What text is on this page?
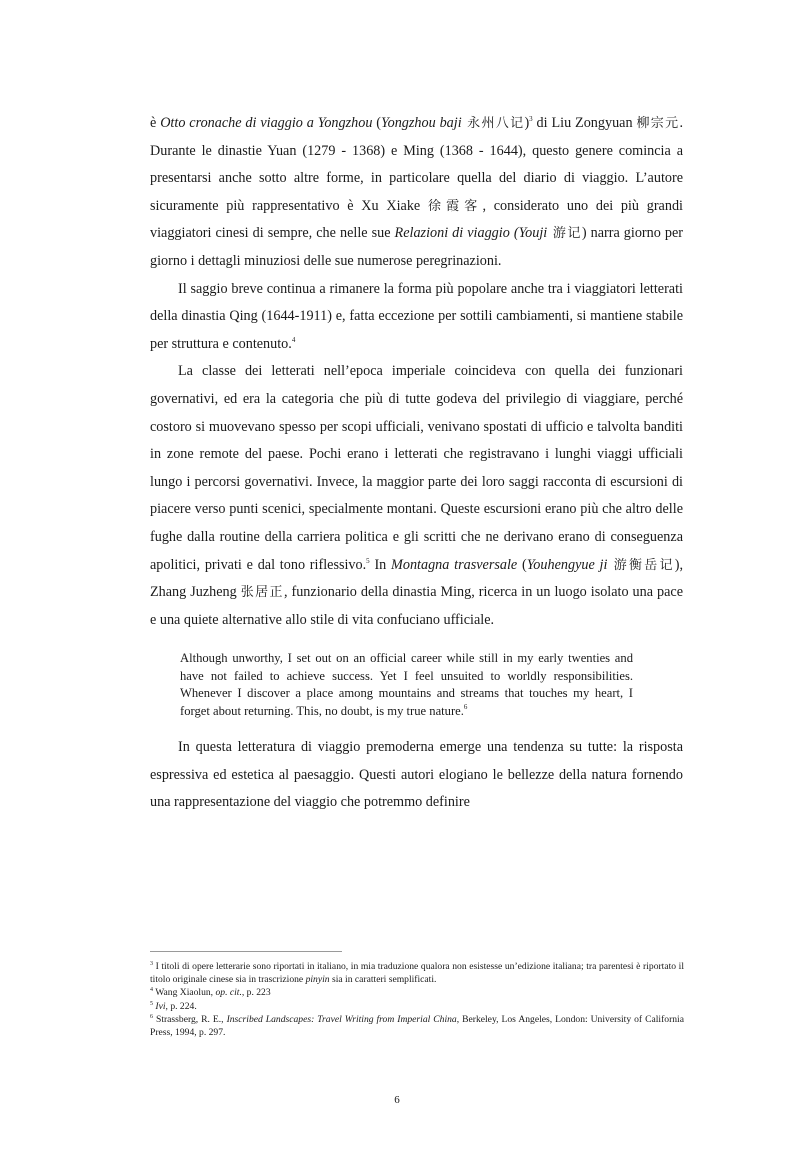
è Otto cronache di viaggio a Yongzhou (Yongzhou baji 永州八记)$^3$ di Liu Zongyuan 柳宗元. Durante le dinastie Yuan (1279 - 1368) e Ming (1368 - 1644), questo genere comincia a presentarsi anche sotto altre forme, in particolare quella del diario di viaggio. L’autore sicuramente più rappresentativo è Xu Xiake 徐霞客, considerato uno dei più grandi viaggiatori cinesi di sempre, che nelle sue Relazioni di viaggio (Youji 游记) narra giorno per giorno i dettagli minuziosi delle sue numerose peregrinazioni.

Il saggio breve continua a rimanere la forma più popolare anche tra i viaggiatori letterati della dinastia Qing (1644-1911) e, fatta eccezione per sottili cambiamenti, si mantiene stabile per struttura e contenuto.$^4$

La classe dei letterati nell’epoca imperiale coincideva con quella dei funzionari governativi, ed era la categoria che più di tutte godeva del privilegio di viaggiare, perché costoro si muovevano spesso per scopi ufficiali, venivano spostati di ufficio e talvolta banditi in zone remote del paese. Pochi erano i letterati che registravano i lunghi viaggi ufficiali lungo i percorsi governativi. Invece, la maggior parte dei loro saggi racconta di escursioni di piacere verso punti scenici, specialmente montani. Queste escursioni erano più che altro delle fughe dalla routine della carriera politica e gli scritti che ne derivano erano di conseguenza apolitici, privati e dal tono riflessivo.$^5$ In Montagna trasversale (Youhengyue ji 游衡岳记), Zhang Juzheng 张居正, funzionario della dinastia Ming, ricerca in un luogo isolato una pace e una quiete alternative allo stile di vita confuciano ufficiale.

Although unworthy, I set out on an official career while still in my early twenties and have not failed to achieve success. Yet I feel unsuited to worldly responsibilities. Whenever I discover a place among mountains and streams that touches my heart, I forget about returning. This, no doubt, is my true nature.$^6$

In questa letteratura di viaggio premoderna emerge una tendenza su tutte: la risposta espressiva ed estetica al paesaggio. Questi autori elogiano le bellezze della natura fornendo una rappresentazione del viaggio che potremmo definire

$^3$ I titoli di opere letterarie sono riportati in italiano, in mia traduzione qualora non esistesse un’edizione italiana; tra parentesi è riportato il titolo originale cinese sia in trascrizione pinyin sia in caratteri semplificati.

$^4$ Wang Xiaolun, op. cit., p. 223

$^5$ Ivi, p. 224.

$^6$ Strassberg, R. E., Inscribed Landscapes: Travel Writing from Imperial China, Berkeley, Los Angeles, London: University of California Press, 1994, p. 297.

6
